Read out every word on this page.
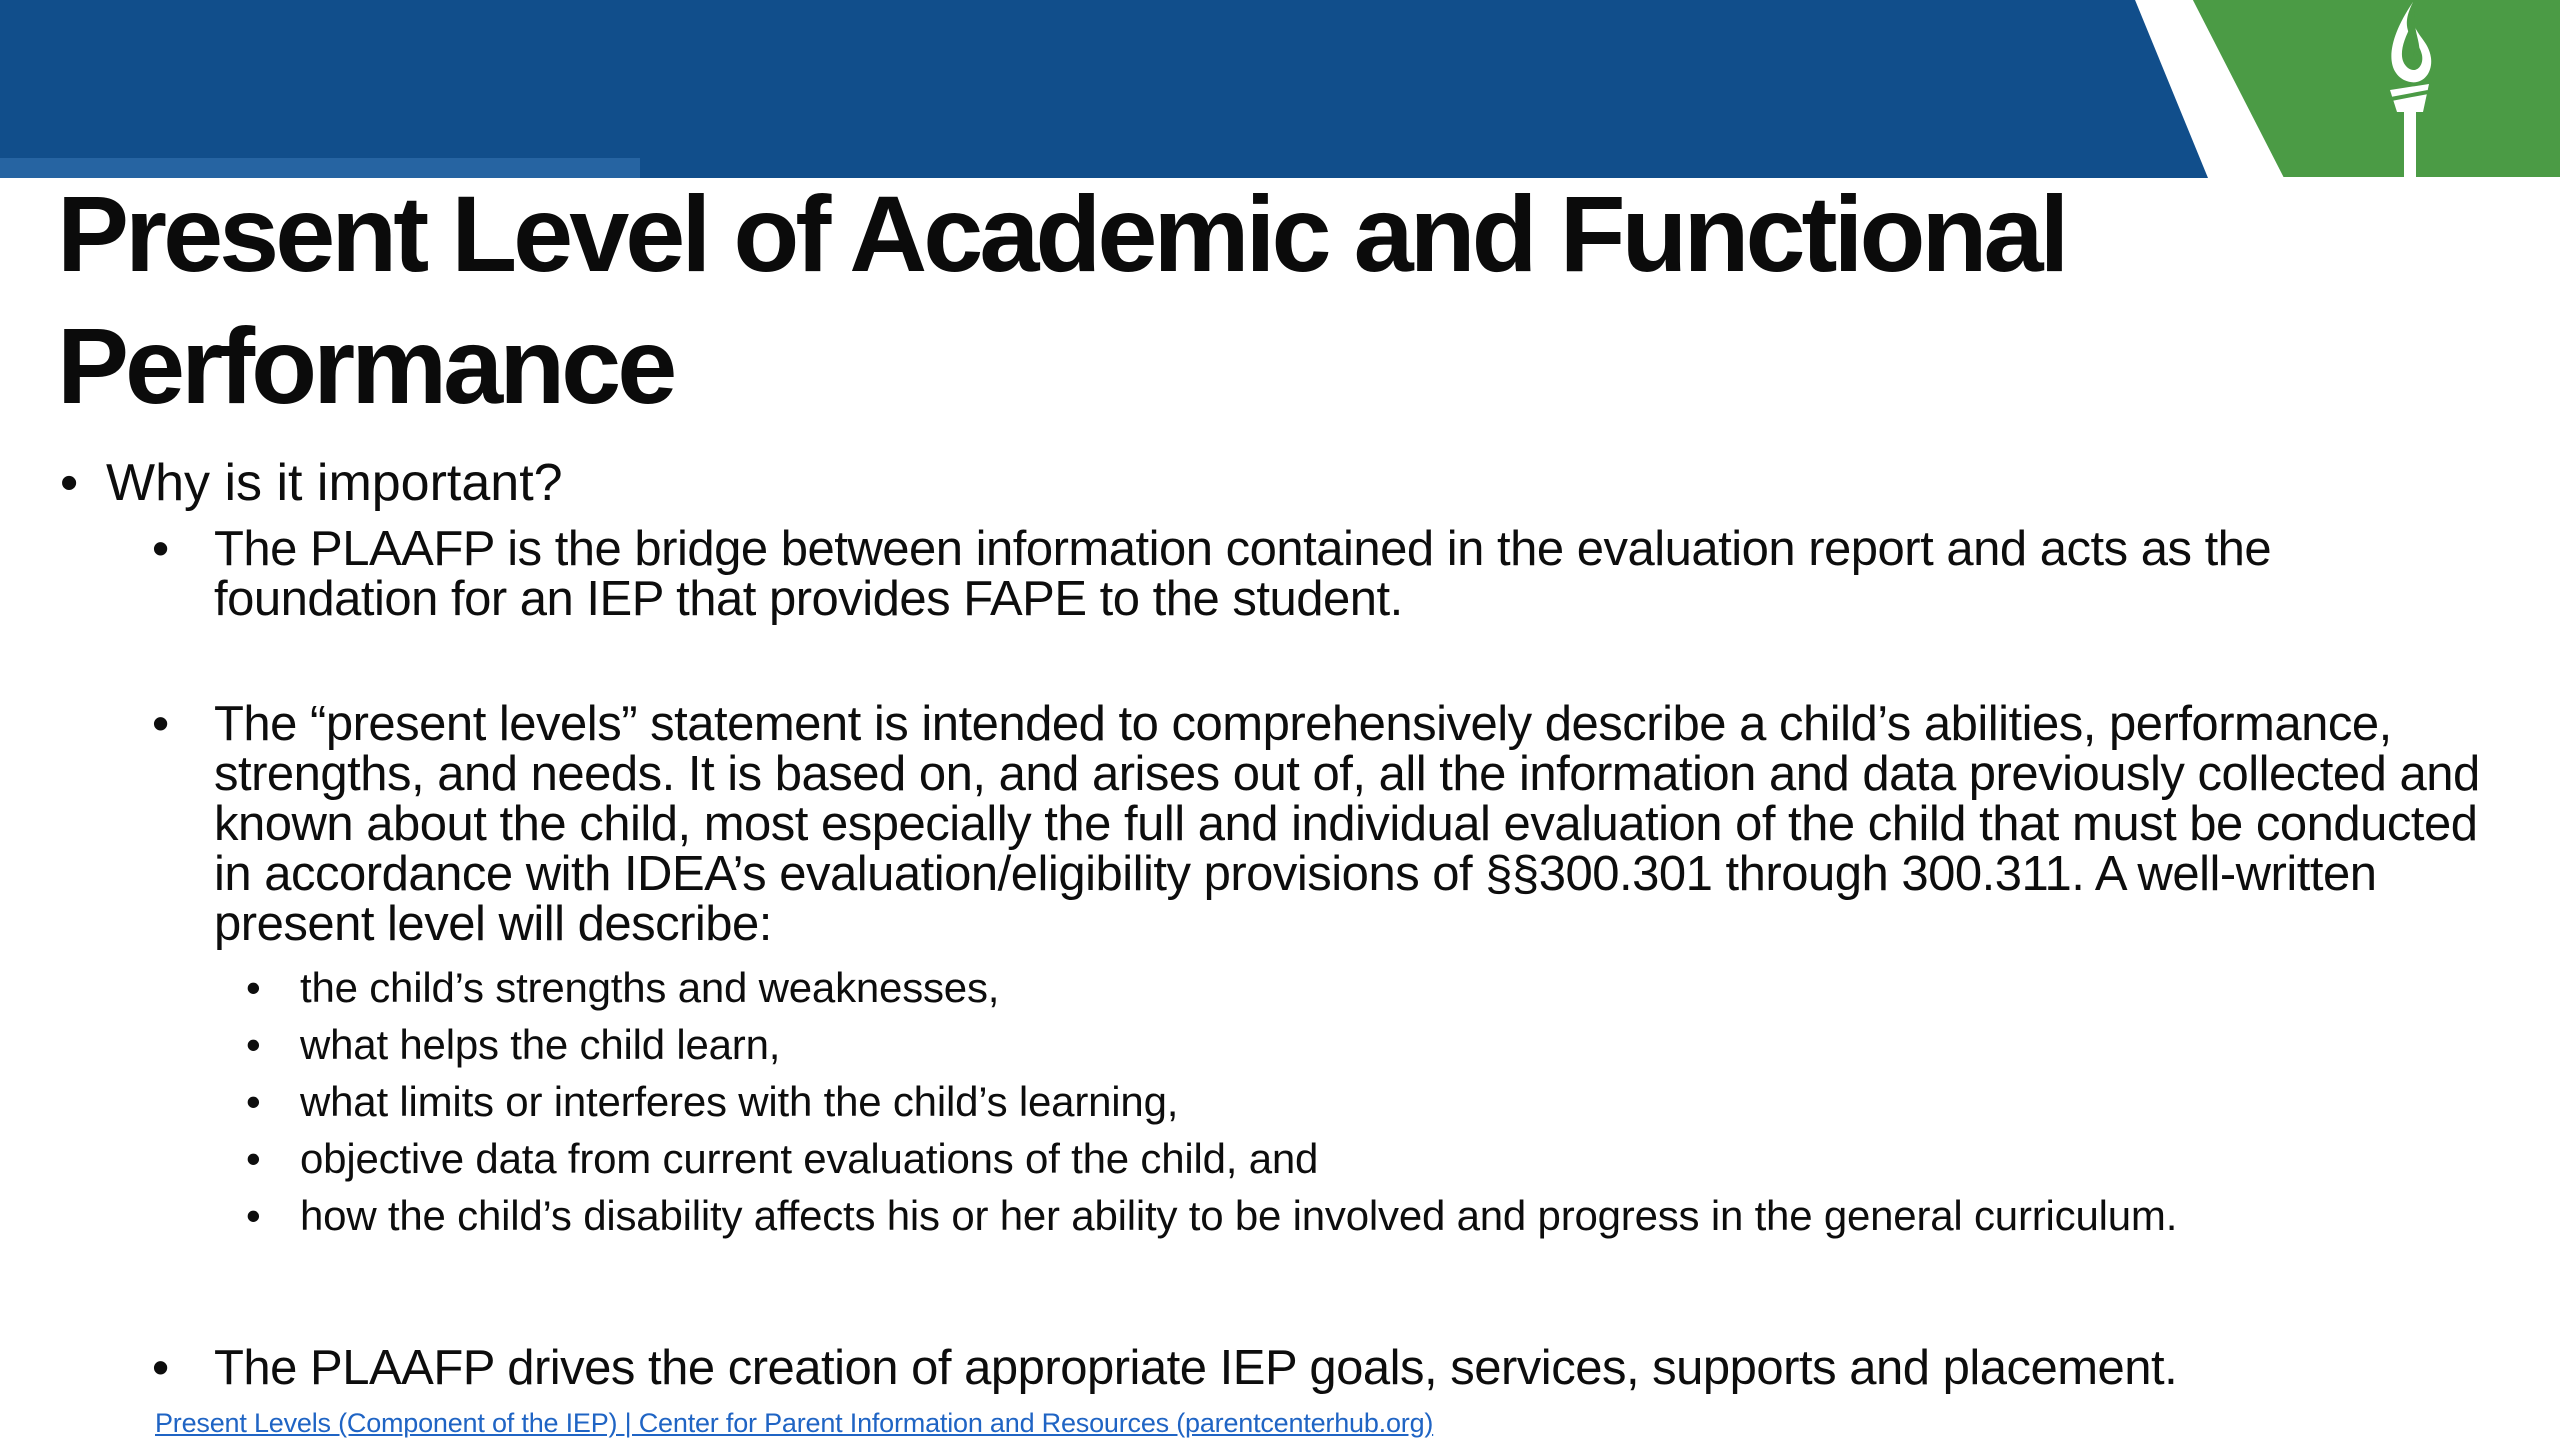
Present Level of Academic and Functional
Performance
• Why is it important?
• The PLAAFP is the bridge between information contained in the evaluation report and acts as the foundation for an IEP that provides FAPE to the student.
• The “present levels” statement is intended to comprehensively describe a child’s abilities, performance, strengths, and needs. It is based on, and arises out of, all the information and data previously collected and known about the child, most especially the full and individual evaluation of the child that must be conducted in accordance with IDEA’s evaluation/eligibility provisions of §§300.301 through 300.311. A well-written present level will describe:
• the child’s strengths and weaknesses,
• what helps the child learn,
• what limits or interferes with the child’s learning,
• objective data from current evaluations of the child, and
• how the child’s disability affects his or her ability to be involved and progress in the general curriculum.
• The PLAAFP drives the creation of appropriate IEP goals, services, supports and placement.
Present Levels (Component of the IEP) | Center for Parent Information and Resources (parentcenterhub.org)
